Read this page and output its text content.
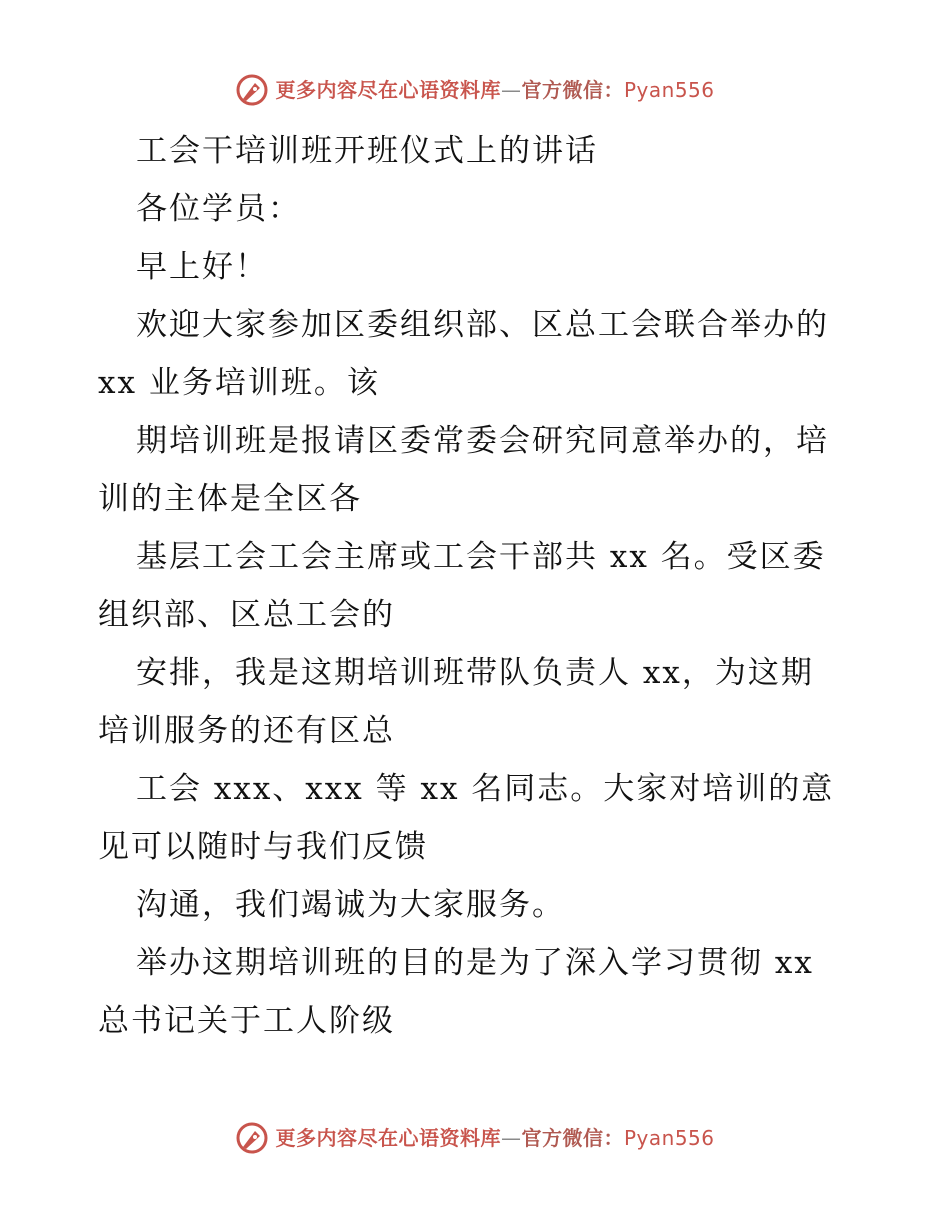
更多内容尽在心语资料库—官方微信：Pyan556
工会干培训班开班仪式上的讲话
各位学员：
早上好！
欢迎大家参加区委组织部、区总工会联合举办的
xx 业务培训班。该
期培训班是报请区委常委会研究同意举办的，培
训的主体是全区各
基层工会工会主席或工会干部共 xx 名。受区委
组织部、区总工会的
安排，我是这期培训班带队负责人 xx，为这期
培训服务的还有区总
工会 xxx、xxx 等 xx 名同志。大家对培训的意
见可以随时与我们反馈
沟通，我们竭诚为大家服务。
举办这期培训班的目的是为了深入学习贯彻 xx
总书记关于工人阶级
更多内容尽在心语资料库—官方微信：Pyan556
